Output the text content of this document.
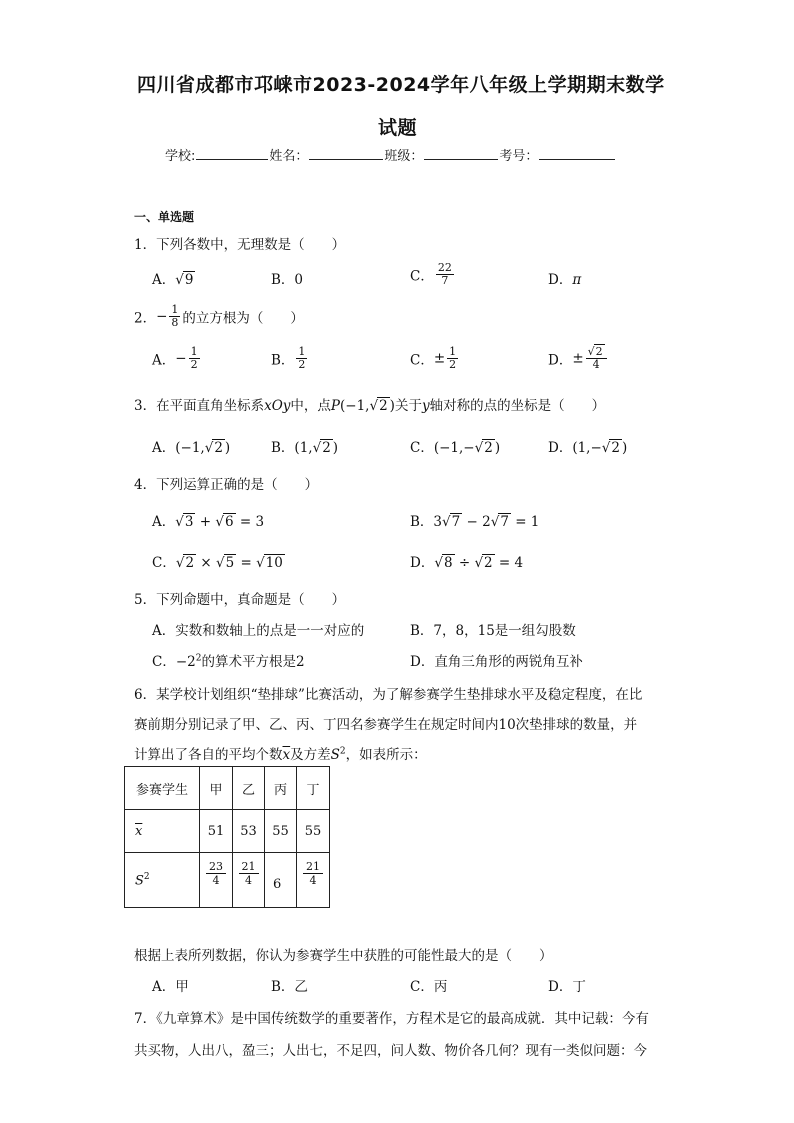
四川省成都市邛崃市2023-2024学年八年级上学期期末数学
试题
学校:	姓名：	班级：	考号：
一、单选题
1．下列各数中，无理数是（　　）
A．√9	B．0	C． $\frac{22}{7}$	D．π
2．− $\frac{1}{8}$ 的立方根为（　　）
A．− $\frac{1}{2}$	B． $\frac{1}{2}$	C．± $\frac{1}{2}$	D．± $\frac{√2}{4}$
3．在平面直角坐标系xOy中，点P(−1,√2 )关于y轴对称的点的坐标是（　　）
A．(−1,√2 )	B．(1,√2 )	C．(−1,−√2 )	D．(1,−√2 )
4．下列运算正确的是（　　）
A．√3 + √6 = 3	B．3√7 − 2√7 = 1
C．√2 × √5 = √10	D．√8 ÷ √2 = 4
5．下列命题中，真命题是（　　）
A．实数和数轴上的点是一一对应的	B．7，8，15是一组勾股数
C．$-2^2$的算术平方根是2	D．直角三角形的两锐角互补
6．某学校计划组织“垫排球”比赛活动，为了解参赛学生垫排球水平及稳定程度，在比
赛前期分别记录了甲、乙、丙、丁四名参赛学生在规定时间内10次垫排球的数量，并
计算出了各自的平均个数$\overline{x}$及方差$S^2$，如表所示：
参赛学生	甲	乙	丙	丁
$\overline{x}$	51	53	55	55
$S^2$	$\frac{23}{4}$	$\frac{21}{4}$	6	$\frac{21}{4}$
根据上表所列数据，你认为参赛学生中获胜的可能性最大的是（　　）
A．甲	B．乙	C．丙	D．丁
7．《九章算术》是中国传统数学的重要著作，方程术是它的最高成就．其中记载：今有
共买物，人出八，盈三；人出七，不足四，问人数、物价各几何？现有一类似问题：今
